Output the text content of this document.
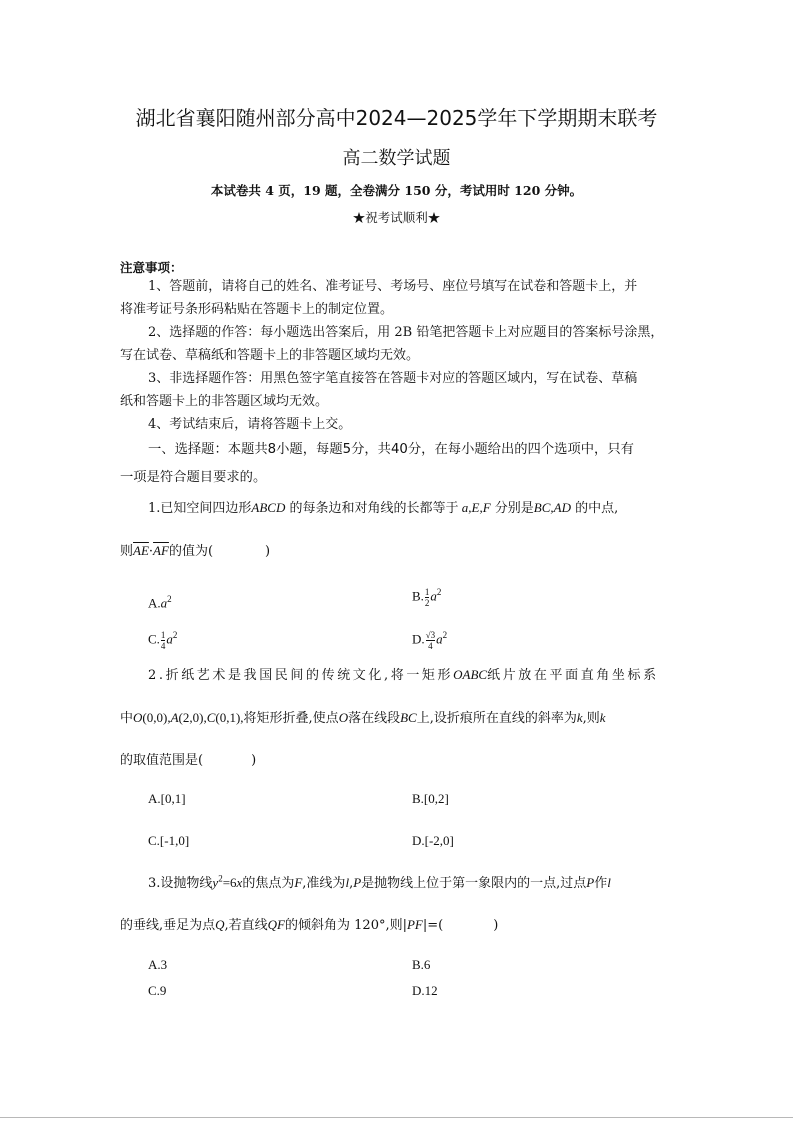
湖北省襄阳随州部分高中2024—2025学年下学期期末联考
高二数学试题
本试卷共 4 页，19 题，全卷满分 150 分，考试用时 120 分钟。
★祝考试顺利★
注意事项：
1、答题前，请将自己的姓名、准考证号、考场号、座位号填写在试卷和答题卡上，并
将准考证号条形码粘贴在答题卡上的制定位置。
2、选择题的作答：每小题选出答案后，用 2B 铅笔把答题卡上对应题目的答案标号涂黑，
写在试卷、草稿纸和答题卡上的非答题区域均无效。
3、非选择题作答：用黑色签字笔直接答在答题卡对应的答题区域内，写在试卷、草稿
纸和答题卡上的非答题区域均无效。
4、考试结束后，请将答题卡上交。
一、选择题：本题共8小题，每题5分，共40分，在每小题给出的四个选项中，只有
一项是符合题目要求的。
1.已知空间四边形ABCD 的每条边和对角线的长都等于 a,E,F 分别是BC,AD 的中点,
则$\overline{AE}\cdot\overline{AF}$的值为(	)
$A.a^2$	B. $\frac{1}{2} a^2$
C. $\frac{1}{4} a^2$	D. $\frac{√3}{4} a^2$
2.折纸艺术是我国民间的传统文化,将一矩形OABC纸片放在平面直角坐标系
中O(0,0),A(2,0),C(0,1),将矩形折叠,使点O落在线段BC上,设折痕所在直线的斜率为k,则k
的取值范围是(	)
A.[0,1]	B.[0,2]
C.[-1,0]	D.[-2,0]
3.设抛物线$y^2=6x$的焦点为F,准线为l,P是抛物线上位于第一象限内的一点,过点P作l
的垂线,垂足为点Q,若直线QF的倾斜角为 120°,则|PF|=(	)
A.3	B.6
C.9	D.12
